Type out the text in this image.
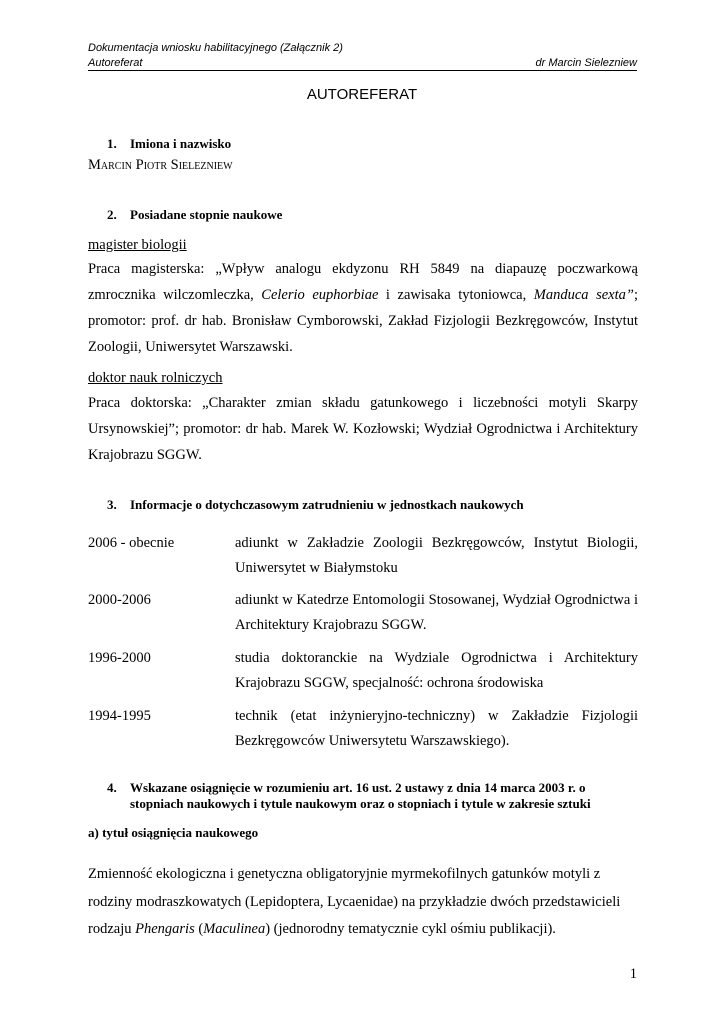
Dokumentacja wniosku habilitacyjnego (Załącznik 2)
Autoreferat	dr Marcin Sielezniew
AUTOREFERAT
1. Imiona i nazwisko
Marcin Piotr Sielezniew
2. Posiadane stopnie naukowe
magister biologii
Praca magisterska: „Wpływ analogu ekdyzonu RH 5849 na diapauzę poczwarkową zmrocznika wilczomleczka, Celerio euphorbiae i zawisaka tytoniowca, Manduca sexta”; promotor: prof. dr hab. Bronisław Cymborowski, Zakład Fizjologii Bezkręgowców, Instytut Zoologii, Uniwersytet Warszawski.
doktor nauk rolniczych
Praca doktorska: „Charakter zmian składu gatunkowego i liczebności motyli Skarpy Ursynowskiej”; promotor: dr hab. Marek W. Kozłowski; Wydział Ogrodnictwa i Architektury Krajobrazu SGGW.
3. Informacje o dotychczasowym zatrudnieniu w jednostkach naukowych
2006 - obecnie	adiunkt w Zakładzie Zoologii Bezkręgowców, Instytut Biologii, Uniwersytet w Białymstoku
2000-2006	adiunkt w Katedrze Entomologii Stosowanej, Wydział Ogrodnictwa i Architektury Krajobrazu SGGW.
1996-2000	studia doktoranckie na Wydziale Ogrodnictwa i Architektury Krajobrazu SGGW, specjalność: ochrona środowiska
1994-1995	technik (etat inżynieryjno-techniczny) w Zakładzie Fizjologii Bezkręgowców Uniwersytetu Warszawskiego).
4. Wskazane osiągnięcie w rozumieniu art. 16 ust. 2 ustawy z dnia 14 marca 2003 r. o stopniach naukowych i tytule naukowym oraz o stopniach i tytule w zakresie sztuki
a) tytuł osiągnięcia naukowego
Zmienność ekologiczna i genetyczna obligatoryjnie myrmekofilnych gatunków motyli z rodziny modraszkowatych (Lepidoptera, Lycaenidae) na przykładzie dwóch przedstawicieli rodzaju Phengaris (Maculinea) (jednorodny tematycznie cykl ośmiu publikacji).
1
